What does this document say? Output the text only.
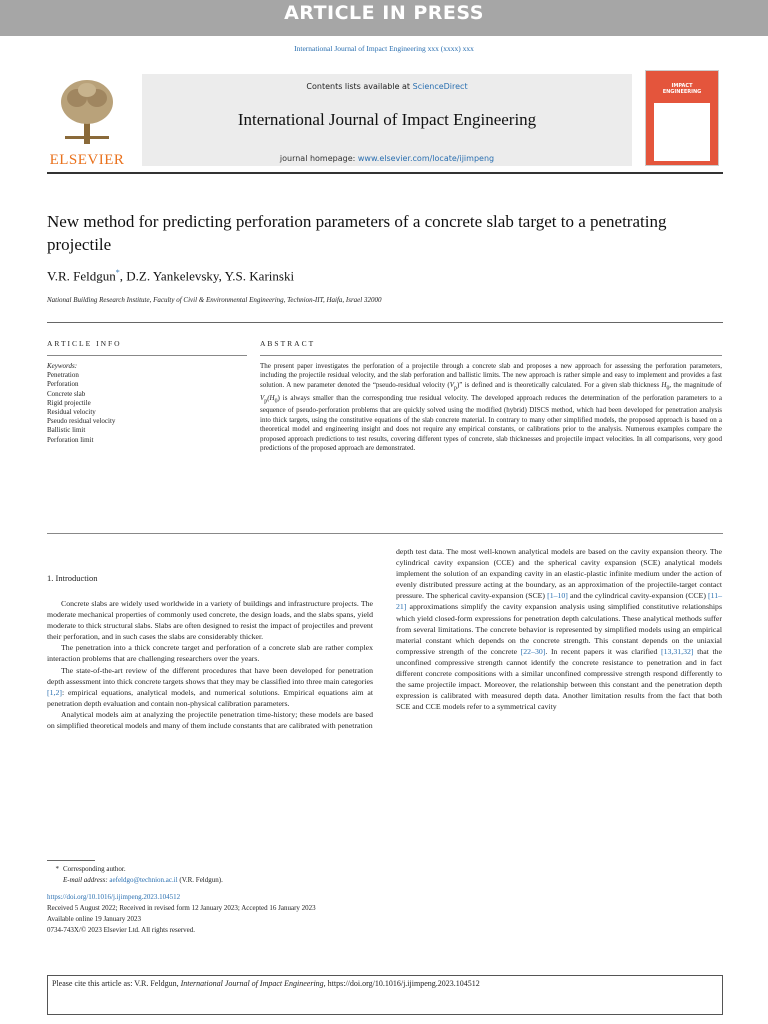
ARTICLE IN PRESS
International Journal of Impact Engineering xxx (xxxx) xxx
ELSEVIER
Contents lists available at ScienceDirect
International Journal of Impact Engineering
journal homepage: www.elsevier.com/locate/ijimpeng
IMPACT ENGINEERING
New method for predicting perforation parameters of a concrete slab target to a penetrating projectile
V.R. Feldgun*, D.Z. Yankelevsky, Y.S. Karinski
National Building Research Institute, Faculty of Civil & Environmental Engineering, Technion-IIT, Haifa, Israel 32000
ARTICLE INFO	ABSTRACT
Keywords:
Penetration
Perforation
Concrete slab
Rigid projectile
Residual velocity
Pseudo residual velocity
Ballistic limit
Perforation limit
The present paper investigates the perforation of a projectile through a concrete slab and proposes a new approach for assessing the perforation parameters, including the projectile residual velocity, and the slab perforation and ballistic limits. The new approach is rather simple and easy to implement and provides a fast solution. A new parameter denoted the “pseudo-residual velocity $(V_p)$” is defined and is theoretically calculated. For a given slab thickness $H_0$, the magnitude of $V_p(H_0)$ is always smaller than the corresponding true residual velocity. The developed approach reduces the determination of the perforation parameters to a sequence of pseudo-perforation problems that are quickly solved using the modified (hybrid) DISCS method, which had been developed for penetration analysis into thick targets, using the constitutive equations of the slab concrete material. In contrary to many other simplified models, the proposed approach is based on a theoretical model and engineering insight and does not require any empirical constants, or calibrations prior to the analysis. Numerous examples compare the proposed approach predictions to test results, covering different types of concrete, slab thicknesses and projectile impact velocities. In all comparisons, very good predictions of the proposed approach are demonstrated.
1. Introduction

Concrete slabs are widely used worldwide in a variety of buildings and infrastructure projects. The moderate mechanical properties of commonly used concrete, the design loads, and the slabs spans, yield moderate to thick structural slabs. Slabs are often designed to resist the impact of projectiles and prevent their perforation, and in such cases the slabs are considerably thicker.

The penetration into a thick concrete target and perforation of a concrete slab are rather complex interaction problems that are challenging researchers over the years.

The state-of-the-art review of the different procedures that have been developed for penetration depth assessment into thick concrete targets shows that they may be classified into three main categories [1,2]: empirical equations, analytical models, and numerical solutions. Empirical equations aim at penetration depth evaluation and contain non-physical calibration parameters.

Analytical models aim at analyzing the projectile penetration time-history; these models are based on simplified theoretical models and many of them include constants that are calibrated with penetration

depth test data. The most well-known analytical models are based on the cavity expansion theory. The cylindrical cavity expansion (CCE) and the spherical cavity expansion (SCE) analytical models implement the solution of an expanding cavity in an elastic-plastic infinite medium under the action of evenly distributed pressure acting at the boundary, as an approximation of the projectile-target contact pressure. The spherical cavity-expansion (SCE) [1–10] and the cylindrical cavity-expansion (CCE) [11–21] approximations simplify the cavity expansion analysis using simplified constitutive relationships which yield closed-form expressions for penetration depth calculations. These analytical methods suffer from several limitations. The concrete behavior is represented by simplified models using an empirical material constant which depends on the concrete strength. This constant depends on the uniaxial compressive strength of the concrete [22–30]. In recent papers it was clarified [13,31,32] that the unconfined compressive strength cannot identify the concrete resistance to penetration and in fact different concrete compositions with a similar unconfined compressive strength respond differently to the same projectile impact. Moreover, the relationship between this constant and the penetration depth expression is calibrated with measured depth data. Another limitation results from the fact that both SCE and CCE models refer to a symmetrical cavity

* Corresponding author.
E-mail address: aefeldgo@technion.ac.il (V.R. Feldgun).
https://doi.org/10.1016/j.ijimpeng.2023.104512
Received 5 August 2022; Received in revised form 12 January 2023; Accepted 16 January 2023
Available online 19 January 2023
0734-743X/© 2023 Elsevier Ltd. All rights reserved.
Please cite this article as: V.R. Feldgun, International Journal of Impact Engineering, https://doi.org/10.1016/j.ijimpeng.2023.104512
